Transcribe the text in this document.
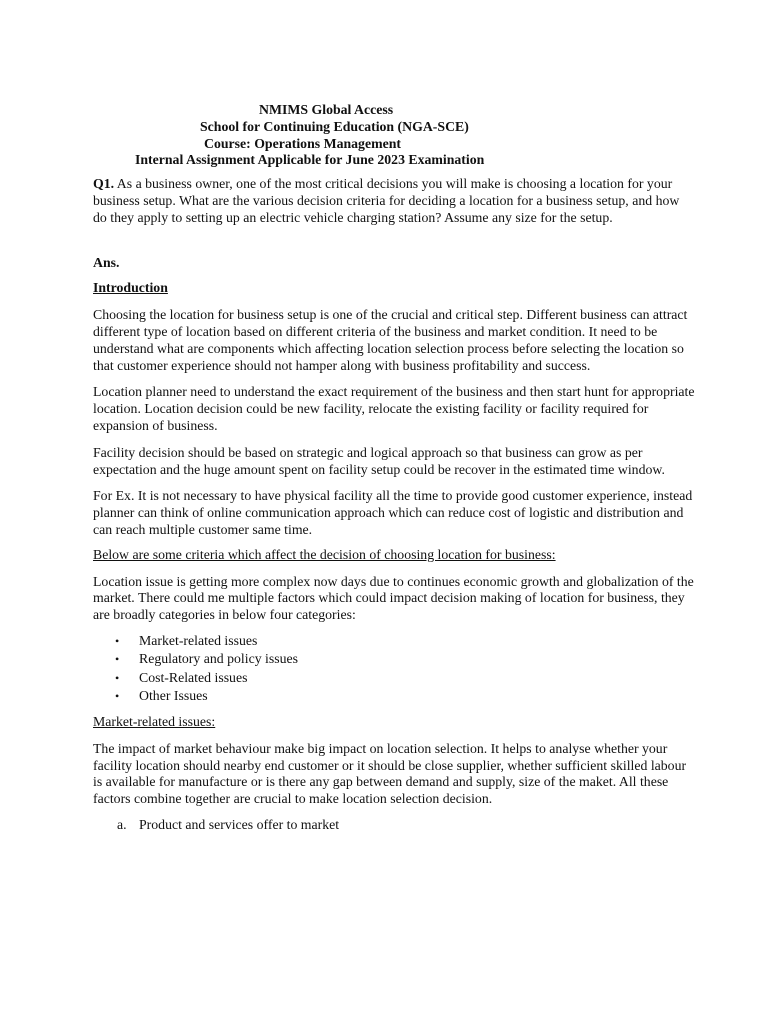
NMIMS Global Access
School for Continuing Education (NGA-SCE)
Course: Operations Management
Internal Assignment Applicable for June 2023 Examination
Q1. As a business owner, one of the most critical decisions you will make is choosing a location for your business setup. What are the various decision criteria for deciding a location for a business setup, and how do they apply to setting up an electric vehicle charging station? Assume any size for the setup.
Ans.
Introduction
Choosing the location for business setup is one of the crucial and critical step. Different business can attract different type of location based on different criteria of the business and market condition. It need to be understand what are components which affecting location selection process before selecting the location so that customer experience should not hamper along with business profitability and success.
Location planner need to understand the exact requirement of the business and then start hunt for appropriate location. Location decision could be new facility, relocate the existing facility or facility required for expansion of business.
Facility decision should be based on strategic and logical approach so that business can grow as per expectation and the huge amount spent on facility setup could be recover in the estimated time window.
For Ex. It is not necessary to have physical facility all the time to provide good customer experience, instead planner can think of online communication approach which can reduce cost of logistic and distribution and can reach multiple customer same time.
Below are some criteria which affect the decision of choosing location for business:
Location issue is getting more complex now days due to continues economic growth and globalization of the market. There could me multiple factors which could impact decision making of location for business, they are broadly categories in below four categories:
• Market-related issues
• Regulatory and policy issues
• Cost-Related issues
• Other Issues
Market-related issues:
The impact of market behaviour make big impact on location selection. It helps to analyse whether your facility location should nearby end customer or it should be close supplier, whether sufficient skilled labour is available for manufacture or is there any gap between demand and supply, size of the maket. All these factors combine together are crucial to make location selection decision.
a. Product and services offer to market
